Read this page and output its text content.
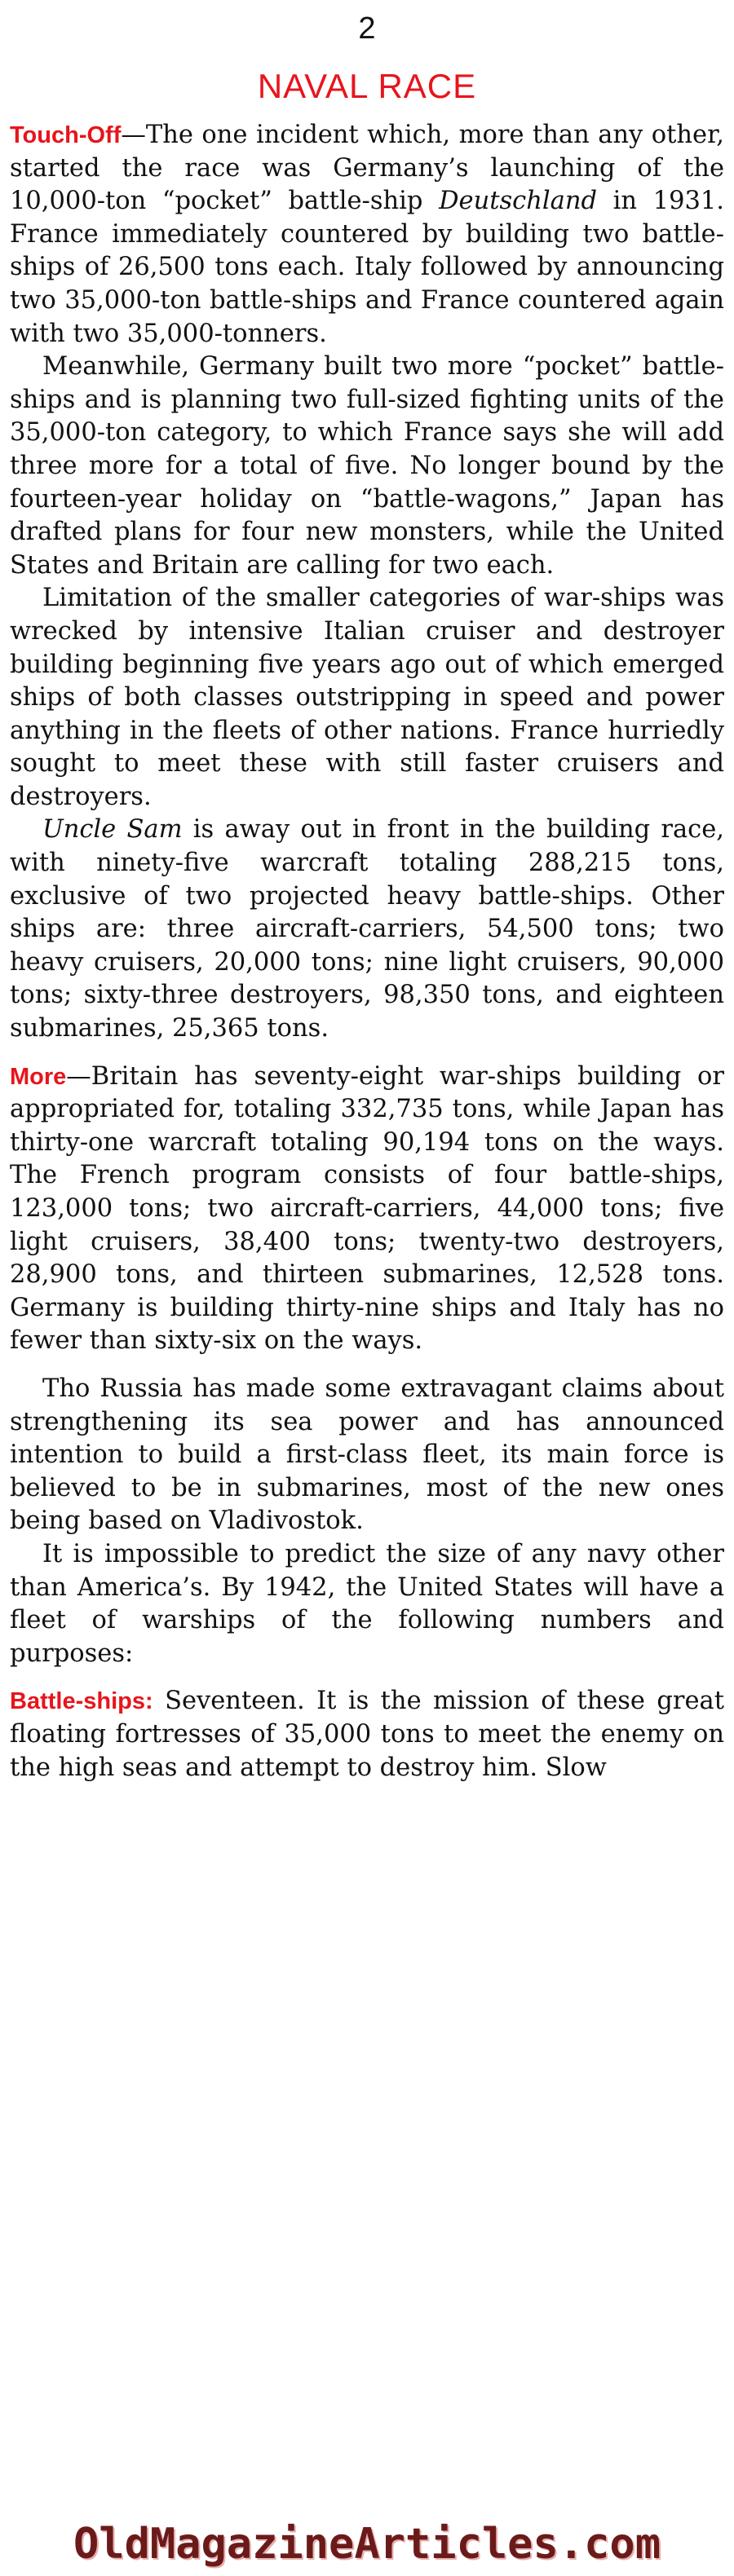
2
NAVAL RACE

Touch-Off—The one incident which, more than any other, started the race was Germany’s launching of the 10,000-ton “pocket” battle-ship Deutschland in 1931. France immediately countered by building two battle-ships of 26,500 tons each. Italy followed by announcing two 35,000-ton battle-ships and France countered again with two 35,000-tonners.

Meanwhile, Germany built two more “pocket” battle-ships and is planning two full-sized fighting units of the 35,000-ton category, to which France says she will add three more for a total of five. No longer bound by the fourteen-year holiday on “battle-wagons,” Japan has drafted plans for four new monsters, while the United States and Britain are calling for two each.

Limitation of the smaller categories of war-ships was wrecked by intensive Italian cruiser and destroyer building beginning five years ago out of which emerged ships of both classes outstripping in speed and power anything in the fleets of other nations. France hurriedly sought to meet these with still faster cruisers and destroyers.

Uncle Sam is away out in front in the building race, with ninety-five warcraft totaling 288,215 tons, exclusive of two projected heavy battle-ships. Other ships are: three aircraft-carriers, 54,500 tons; two heavy cruisers, 20,000 tons; nine light cruisers, 90,000 tons; sixty-three destroyers, 98,350 tons, and eighteen submarines, 25,365 tons.

More—Britain has seventy-eight war-ships building or appropriated for, totaling 332,735 tons, while Japan has thirty-one warcraft totaling 90,194 tons on the ways. The French program consists of four battle-ships, 123,000 tons; two aircraft-carriers, 44,000 tons; five light cruisers, 38,400 tons; twenty-two destroyers, 28,900 tons, and thirteen submarines, 12,528 tons. Germany is building thirty-nine ships and Italy has no fewer than sixty-six on the ways.

Tho Russia has made some extravagant claims about strengthening its sea power and has announced intention to build a first-class fleet, its main force is believed to be in submarines, most of the new ones being based on Vladivostok.

It is impossible to predict the size of any navy other than America’s. By 1942, the United States will have a fleet of warships of the following numbers and purposes:

Battle-ships: Seventeen. It is the mission of these great floating fortresses of 35,000 tons to meet the enemy on the high seas and attempt to destroy him. Slow

OldMagazineArticles.com
